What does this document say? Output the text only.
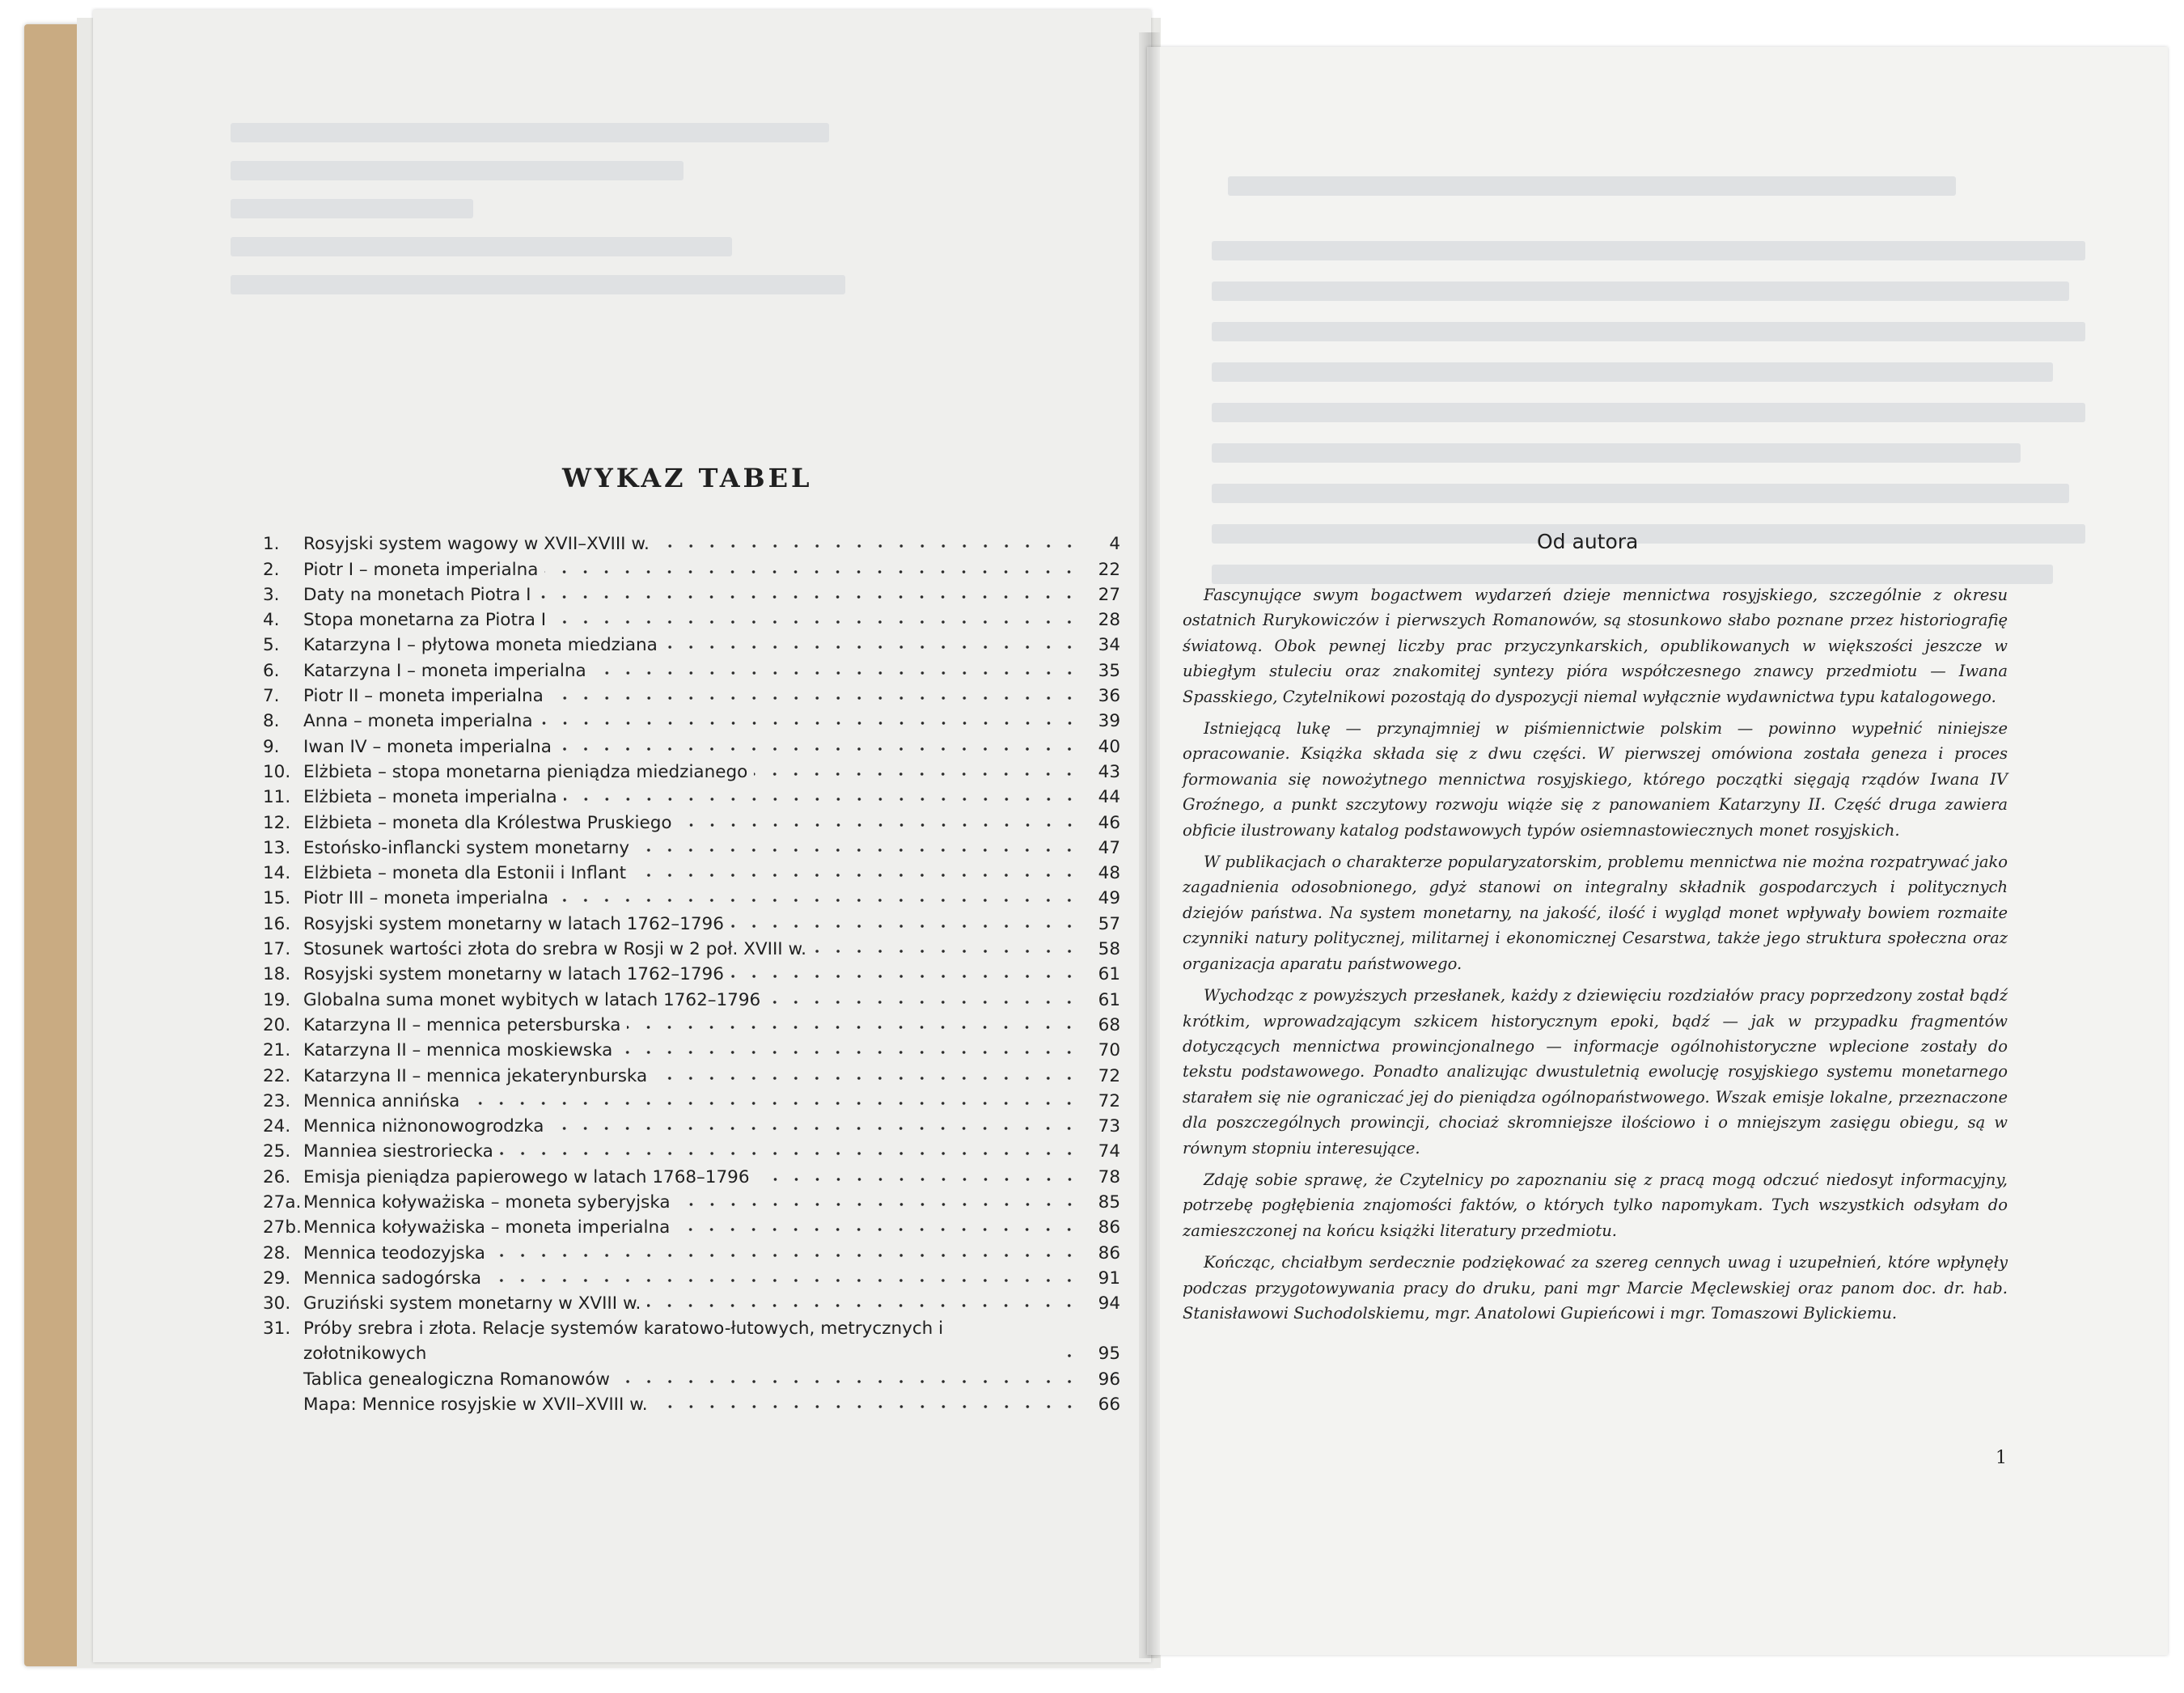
WYKAZ TABEL
1.	Rosyjski system wagowy w XVII–XVIII w.	4
2.	Piotr I – moneta imperialna	22
3.	Daty na monetach Piotra I	27
4.	Stopa monetarna za Piotra I	28
5.	Katarzyna I – płytowa moneta miedziana	34
6.	Katarzyna I – moneta imperialna	35
7.	Piotr II – moneta imperialna	36
8.	Anna – moneta imperialna	39
9.	Iwan IV – moneta imperialna	40
10. Elżbieta – stopa monetarna pieniądza miedzianego	43
11. Elżbieta – moneta imperialna	44
12. Elżbieta – moneta dla Królestwa Pruskiego	46
13. Estońsko-inflancki system monetarny	47
14. Elżbieta – moneta dla Estonii i Inflant	48
15. Piotr III – moneta imperialna	49
16. Rosyjski system monetarny w latach 1762–1796	57
17. Stosunek wartości złota do srebra w Rosji w 2 poł. XVIII w.	58
18. Rosyjski system monetarny w latach 1762–1796	61
19. Globalna suma monet wybitych w latach 1762–1796	61
20. Katarzyna II – mennica petersburska	68
21. Katarzyna II – mennica moskiewska	70
22. Katarzyna II – mennica jekaterynburska	72
23. Mennica annińska	72
24. Mennica niżnonowogrodzka	73
25. Manniea siestroriecka	74
26. Emisja pieniądza papierowego w latach 1768–1796	78
27a. Mennica koływażiska – moneta syberyjska	85
27b. Mennica koływażiska – moneta imperialna	86
28. Mennica teodozyjska	86
29. Mennica sadogórska	91
30. Gruziński system monetarny w XVIII w.	94
31. Próby srebra i złota. Relacje systemów karatowo-łutowych, metrycznych i zołotnikowych	95
Tablica genealogiczna Romanowów	96
Mapa: Mennice rosyjskie w XVII–XVIII w.	66
Od autora

Fascynujące swym bogactwem wydarzeń dzieje mennictwa rosyjskiego, szczególnie z okresu ostatnich Rurykowiczów i pierwszych Romanowów, są stosunkowo słabo poznane przez historiografię światową. Obok pewnej liczby prac przyczynkarskich, opublikowanych w większości jeszcze w ubiegłym stuleciu oraz znakomitej syntezy pióra współczesnego znawcy przedmiotu — Iwana Spasskiego, Czytelnikowi pozostają do dyspozycji niemal wyłącznie wydawnictwa typu katalogowego.

Istniejącą lukę — przynajmniej w piśmiennictwie polskim — powinno wypełnić niniejsze opracowanie. Książka składa się z dwu części. W pierwszej omówiona została geneza i proces formowania się nowożytnego mennictwa rosyjskiego, którego początki sięgają rządów Iwana IV Groźnego, a punkt szczytowy rozwoju wiąże się z panowaniem Katarzyny II. Część druga zawiera obficie ilustrowany katalog podstawowych typów osiemnastowiecznych monet rosyjskich.

W publikacjach o charakterze popularyzatorskim, problemu mennictwa nie można rozpatrywać jako zagadnienia odosobnionego, gdyż stanowi on integralny składnik gospodarczych i politycznych dziejów państwa. Na system monetarny, na jakość, ilość i wygląd monet wpływały bowiem rozmaite czynniki natury politycznej, militarnej i ekonomicznej Cesarstwa, także jego struktura społeczna oraz organizacja aparatu państwowego.

Wychodząc z powyższych przesłanek, każdy z dziewięciu rozdziałów pracy poprzedzony został bądź krótkim, wprowadzającym szkicem historycznym epoki, bądź — jak w przypadku fragmentów dotyczących mennictwa prowincjonalnego — informacje ogólnohistoryczne wplecione zostały do tekstu podstawowego. Ponadto analizując dwustuletnią ewolucję rosyjskiego systemu monetarnego starałem się nie ograniczać jej do pieniądza ogólnopaństwowego. Wszak emisje lokalne, przeznaczone dla poszczególnych prowincji, chociaż skromniejsze ilościowo i o mniejszym zasięgu obiegu, są w równym stopniu interesujące.

Zdaję sobie sprawę, że Czytelnicy po zapoznaniu się z pracą mogą odczuć niedosyt informacyjny, potrzebę pogłębienia znajomości faktów, o których tylko napomykam. Tych wszystkich odsyłam do zamieszczonej na końcu książki literatury przedmiotu.

Kończąc, chciałbym serdecznie podziękować za szereg cennych uwag i uzupełnień, które wpłynęły podczas przygotowywania pracy do druku, pani mgr Marcie Męclewskiej oraz panom doc. dr. hab. Stanisławowi Suchodolskiemu, mgr. Anatolowi Gupieńcowi i mgr. Tomaszowi Bylickiemu.

1
